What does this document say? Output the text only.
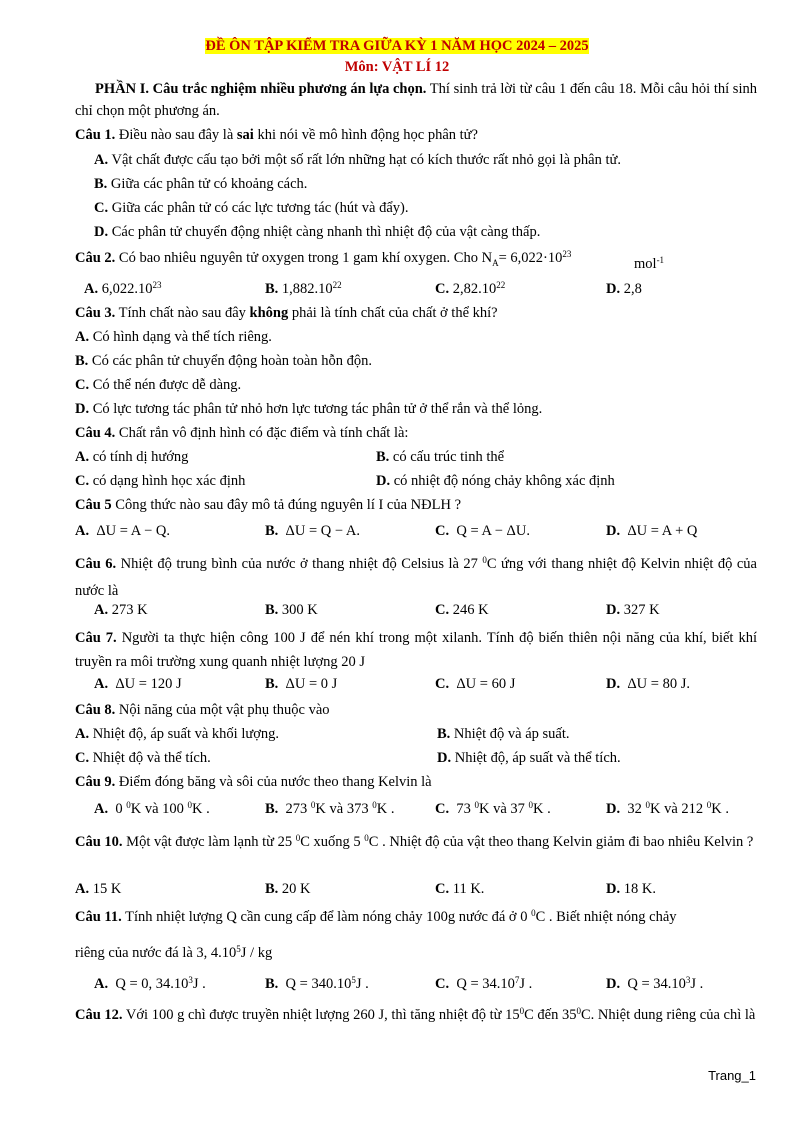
ĐỀ ÔN TẬP KIỂM TRA GIỮA KỲ 1 NĂM HỌC 2024 – 2025
Môn: VẬT LÍ 12
PHẦN I. Câu trắc nghiệm nhiều phương án lựa chọn. Thí sinh trả lời từ câu 1 đến câu 18. Mỗi câu hỏi thí sinh chỉ chọn một phương án.
Câu 1. Điều nào sau đây là sai khi nói về mô hình động học phân tử?
A. Vật chất được cấu tạo bởi một số rất lớn những hạt có kích thước rất nhỏ gọi là phân tử.
B. Giữa các phân tử có khoảng cách.
C. Giữa các phân tử có các lực tương tác (hút và đẩy).
D. Các phân tử chuyển động nhiệt càng nhanh thì nhiệt độ của vật càng thấp.
Câu 2. Có bao nhiêu nguyên tử oxygen trong 1 gam khí oxygen. Cho $N_A= 6,022\cdot 10^{23}$
mol$^{-1}$
A. 6,022.10$^{23}$	B. 1,882.10$^{22}$	C. 2,82.10$^{22}$	D. 2,8
Câu 3. Tính chất nào sau đây không phải là tính chất của chất ở thể khí?
A. Có hình dạng và thể tích riêng.
B. Có các phân tử chuyển động hoàn toàn hỗn độn.
C. Có thể nén được dễ dàng.
D. Có lực tương tác phân tử nhỏ hơn lực tương tác phân tử ở thể rắn và thể lỏng.
Câu 4. Chất rắn vô định hình có đặc điểm và tính chất là:
A. có tính dị hướng	B. có cấu trúc tinh thể
C. có dạng hình học xác định	D. có nhiệt độ nóng chảy không xác định
Câu 5 Công thức nào sau đây mô tả đúng nguyên lí I của NĐLH ?
A. ΔU = A − Q.	B. ΔU = Q − A.	C. Q = A − ΔU.	D. ΔU = A + Q
Câu 6. Nhiệt độ trung bình của nước ở thang nhiệt độ Celsius là 27 $^0$C ứng với thang nhiệt độ Kelvin nhiệt độ của nước là
A. 273 K	B. 300 K	C. 246 K	D. 327 K
Câu 7. Người ta thực hiện công 100 J để nén khí trong một xilanh. Tính độ biến thiên nội năng của khí, biết khí truyền ra môi trường xung quanh nhiệt lượng 20 J
A. ΔU = 120 J	B. ΔU = 0 J	C. ΔU = 60 J	D. ΔU = 80 J.
Câu 8. Nội năng của một vật phụ thuộc vào
A. Nhiệt độ, áp suất và khối lượng.	B. Nhiệt độ và áp suất.
C. Nhiệt độ và thể tích.	D. Nhiệt độ, áp suất và thể tích.
Câu 9. Điểm đóng băng và sôi của nước theo thang Kelvin là
A. 0 $^0$K và 100 $^0$K .	B. 273 $^0$K và 373 $^0$K .	C. 73 $^0$K và 37 $^0$K .	D. 32 $^0$K và 212 $^0$K .
Câu 10. Một vật được làm lạnh từ 25 $^0$C xuống 5 $^0$C . Nhiệt độ của vật theo thang Kelvin giảm đi bao nhiêu Kelvin ?
A. 15 K	B. 20 K	C. 11 K.	D. 18 K.
Câu 11. Tính nhiệt lượng Q cần cung cấp để làm nóng chảy 100g nước đá ở 0 $^0$C . Biết nhiệt nóng chảy
riêng của nước đá là 3, 4.10$^5$J / kg
A. Q = 0, 34.10$^3$J .	B. $Q = 340.10^5J$ .	C. $Q = 34.10^7J$ .	D. $Q = 34.10^3J$ .
Câu 12. Với 100 g chì được truyền nhiệt lượng 260 J, thì tăng nhiệt độ từ $15^0C$ đến $35^0C$. Nhiệt dung riêng của chì là
Trang_1
